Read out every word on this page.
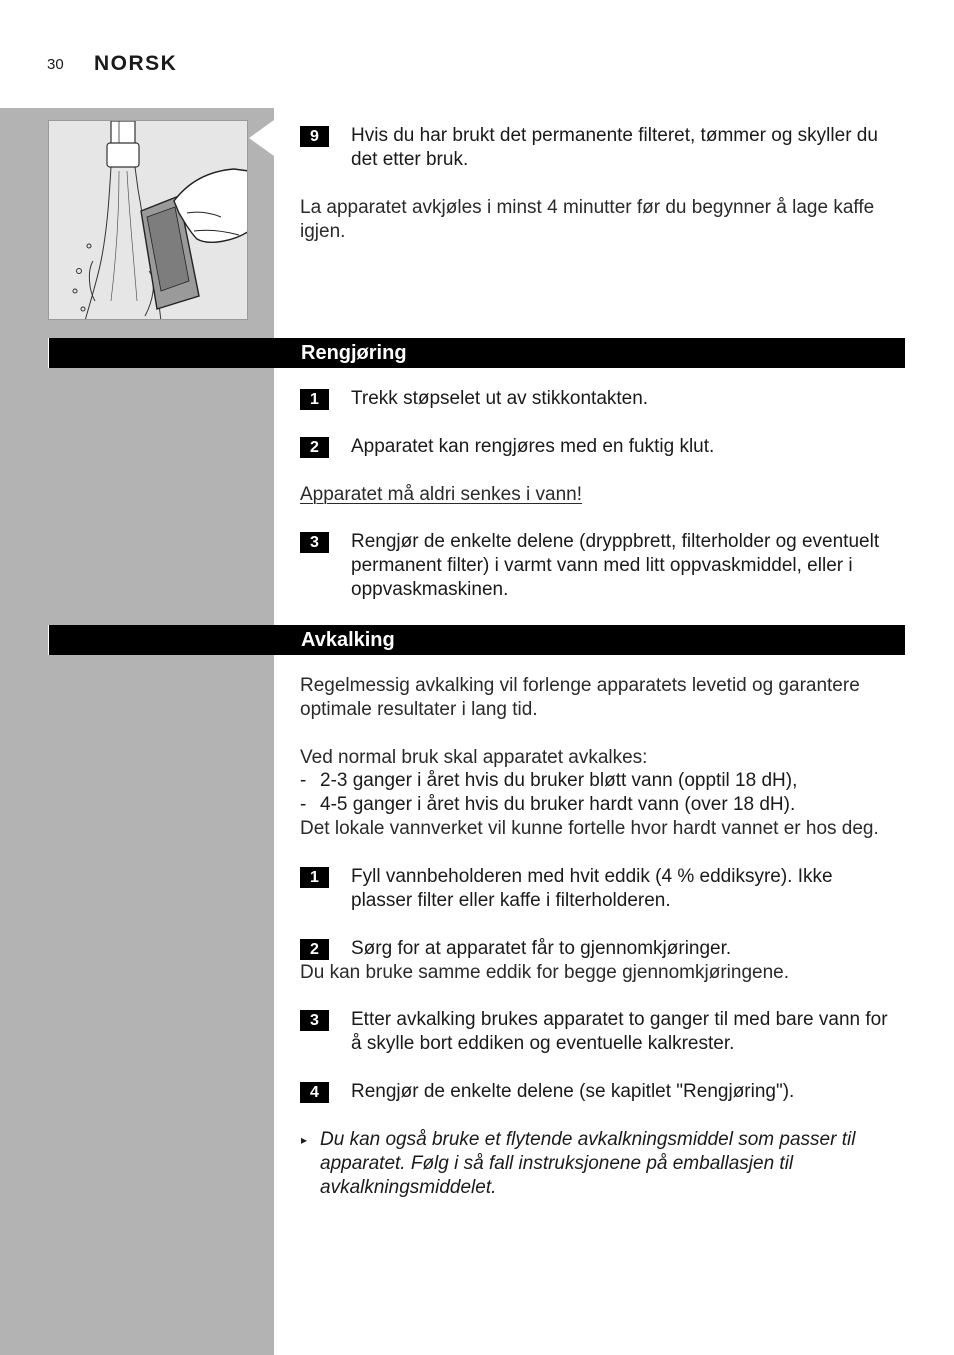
30 NORSK
9	Hvis du har brukt det permanente filteret, tømmer og skyller du det etter bruk.
La apparatet avkjøles i minst 4 minutter før du begynner å lage kaffe igjen.
Rengjøring
1	Trekk støpselet ut av stikkontakten.
2	Apparatet kan rengjøres med en fuktig klut.
Apparatet må aldri senkes i vann!
3	Rengjør de enkelte delene (dryppbrett, filterholder og eventuelt permanent filter) i varmt vann med litt oppvaskmiddel, eller i oppvaskmaskinen.
Avkalking
Regelmessig avkalking vil forlenge apparatets levetid og garantere optimale resultater i lang tid.
Ved normal bruk skal apparatet avkalkes:
- 2-3 ganger i året hvis du bruker bløtt vann (opptil 18 dH),
- 4-5 ganger i året hvis du bruker hardt vann (over 18 dH).
Det lokale vannverket vil kunne fortelle hvor hardt vannet er hos deg.
1	Fyll vannbeholderen med hvit eddik (4 % eddiksyre). Ikke plasser filter eller kaffe i filterholderen.
2	Sørg for at apparatet får to gjennomkjøringer.
Du kan bruke samme eddik for begge gjennomkjøringene.
3	Etter avkalking brukes apparatet to ganger til med bare vann for å skylle bort eddiken og eventuelle kalkrester.
4	Rengjør de enkelte delene (se kapitlet "Rengjøring").
▸ Du kan også bruke et flytende avkalkningsmiddel som passer til apparatet. Følg i så fall instruksjonene på emballasjen til avkalkningsmiddelet.
